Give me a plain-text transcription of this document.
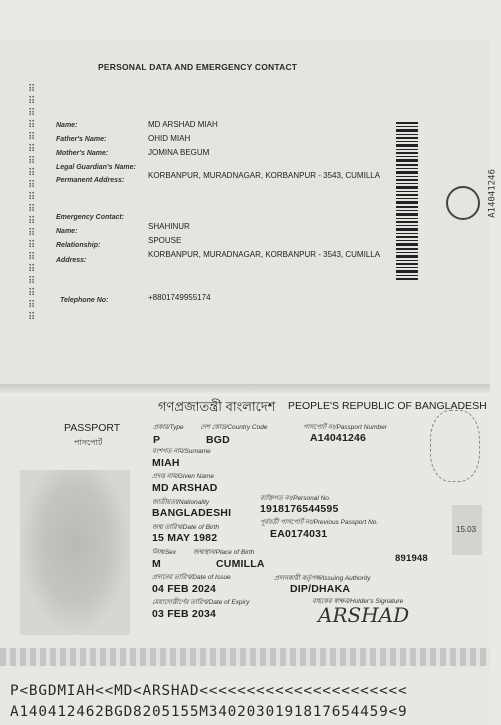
PERSONAL DATA AND EMERGENCY CONTACT
⠿
⠿
⠿
⠿
⠿
⠿
⠿
⠿
⠿
⠿
⠿
⠿
⠿
⠿
⠿
⠿
⠿
⠿
⠿
⠿
Name:	MD ARSHAD MIAH
Father's Name:	OHID MIAH
Mother's Name:	JOMINA BEGUM
Legal Guardian's Name:
Permanent Address:
KORBANPUR, MURADNAGAR, KORBANPUR - 3543, CUMILLA
Emergency Contact:
Name:
SHAHINUR
Relationship:
SPOUSE
Address:
KORBANPUR, MURADNAGAR, KORBANPUR - 3543, CUMILLA
Telephone No:	+8801749955174
A14041246
গণপ্রজাতন্ত্রী বাংলাদেশ PEOPLE'S REPUBLIC OF BANGLADESH
PASSPORT
পাসপোর্ট
প্রকার/Type
P
দেশ কোড/Country Code
BGD
পাসপোর্ট নং/Passport Number
A14041246
বংশগত নাম/Surname
MIAH
প্রদত্ত নাম/Given Name
MD ARSHAD
জাতীয়তা/Nationality
BANGLADESHI
ব্যক্তিগত নং/Personal No.
1918176544595
জন্ম তারিখ/Date of Birth
15 MAY 1982
পূর্ববর্তী পাসপোর্ট নং/Previous Passport No.
EA0174031
লিঙ্গ/Sex
M
জন্মস্থান/Place of Birth
CUMILLA	891948
প্রদানের তারিখ/Date of Issue
04 FEB 2024
প্রদানকারী কর্তৃপক্ষ/Issuing Authority
DIP/DHAKA
মেয়াদোত্তীর্ণের তারিখ/Date of Expiry
03 FEB 2034
বাহকের স্বাক্ষর/Holder's Signature
ARSHAD
15.03
P<BGDMIAH<<MD<ARSHAD<<<<<<<<<<<<<<<<<<<<<<
A140412462BGD8205155M3402030191817654459<9
